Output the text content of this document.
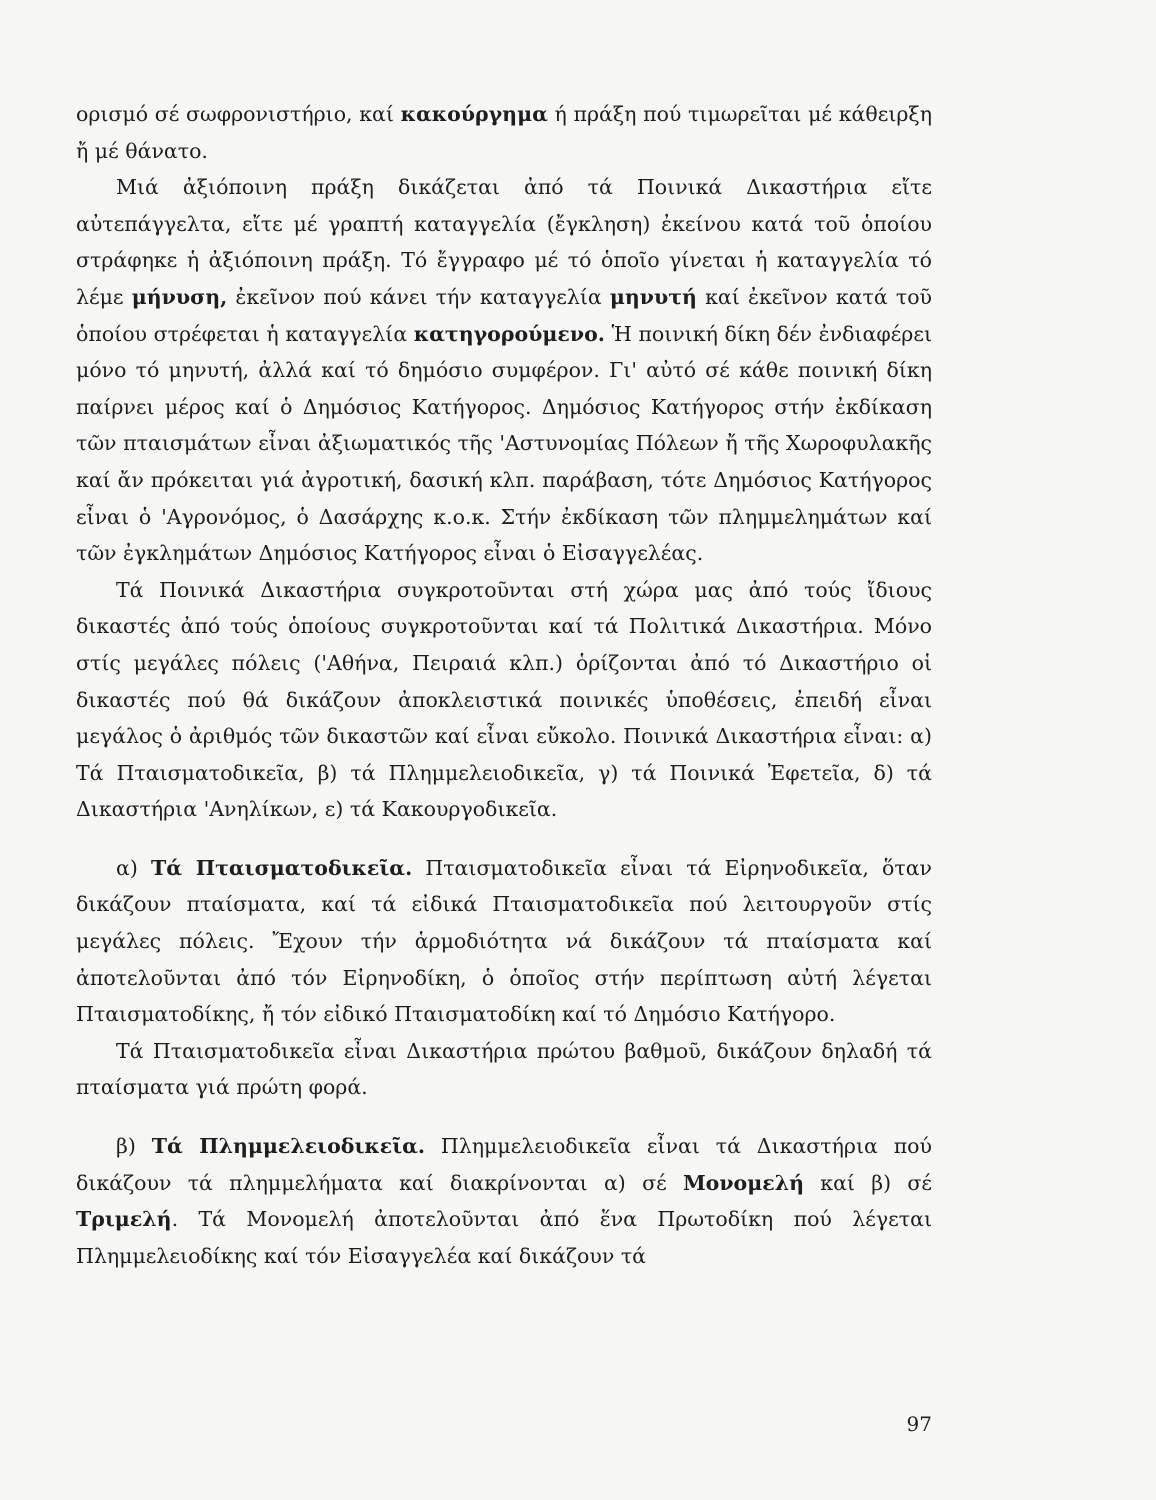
ορισμό σέ σωφρονιστήριο, καί κακούργημα ή πράξη πού τιμωρεῖται μέ κάθειρξη ἤ μέ θάνατο.

Μιά ἀξιόποινη πράξη δικάζεται ἀπό τά Ποινικά Δικαστήρια εἴτε αὐτεπάγγελτα, εἴτε μέ γραπτή καταγγελία (ἔγκληση) ἐκείνου κατά τοῦ ὁποίου στράφηκε ἡ ἀξιόποινη πράξη. Τό ἔγγραφο μέ τό ὁποῖο γίνεται ἡ καταγγελία τό λέμε μήνυση, ἐκεῖνον πού κάνει τήν καταγγελία μηνυτή καί ἐκεῖνον κατά τοῦ ὁποίου στρέφεται ἡ καταγγελία κατηγορούμενο. Ἡ ποινική δίκη δέν ἐνδιαφέρει μόνο τό μηνυτή, ἀλλά καί τό δημόσιο συμφέρον. Γι' αὐτό σέ κάθε ποινική δίκη παίρνει μέρος καί ὁ Δημόσιος Κατήγορος. Δημόσιος Κατήγορος στήν ἐκδίκαση τῶν πταισμάτων εἶναι ἀξιωματικός τῆς 'Αστυνομίας Πόλεων ἤ τῆς Χωροφυλακῆς καί ἄν πρόκειται γιά ἀγροτική, δασική κλπ. παράβαση, τότε Δημόσιος Κατήγορος εἶναι ὁ 'Αγρονόμος, ὁ Δασάρχης κ.ο.κ. Στήν ἐκδίκαση τῶν πλημμελημάτων καί τῶν ἐγκλημάτων Δημόσιος Κατήγορος εἶναι ὁ Εἰσαγγελέας.

Τά Ποινικά Δικαστήρια συγκροτοῦνται στή χώρα μας ἀπό τούς ἴδιους δικαστές ἀπό τούς ὁποίους συγκροτοῦνται καί τά Πολιτικά Δικαστήρια. Μόνο στίς μεγάλες πόλεις ('Αθήνα, Πειραιά κλπ.) ὁρίζονται ἀπό τό Δικαστήριο οἱ δικαστές πού θά δικάζουν ἀποκλειστικά ποινικές ὑποθέσεις, ἐπειδή εἶναι μεγάλος ὁ ἀριθμός τῶν δικαστῶν καί εἶναι εὔκολο. Ποινικά Δικαστήρια εἶναι: α) Τά Πταισματοδικεῖα, β) τά Πλημμελειοδικεῖα, γ) τά Ποινικά Ἐφετεῖα, δ) τά Δικαστήρια 'Ανηλίκων, ε) τά Κακουργοδικεῖα.

α) Τά Πταισματοδικεῖα. Πταισματοδικεῖα εἶναι τά Εἰρηνοδικεῖα, ὅταν δικάζουν πταίσματα, καί τά εἰδικά Πταισματοδικεῖα πού λειτουργοῦν στίς μεγάλες πόλεις. Ἔχουν τήν ἁρμοδιότητα νά δικάζουν τά πταίσματα καί ἀποτελοῦνται ἀπό τόν Εἰρηνοδίκη, ὁ ὁποῖος στήν περίπτωση αὐτή λέγεται Πταισματοδίκης, ἤ τόν εἰδικό Πταισματοδίκη καί τό Δημόσιο Κατήγορο.

Τά Πταισματοδικεῖα εἶναι Δικαστήρια πρώτου βαθμοῦ, δικάζουν δηλαδή τά πταίσματα γιά πρώτη φορά.

β) Τά Πλημμελειοδικεῖα. Πλημμελειοδικεῖα εἶναι τά Δικαστήρια πού δικάζουν τά πλημμελήματα καί διακρίνονται α) σέ Μονομελή καί β) σέ Τριμελή. Τά Μονομελή ἀποτελοῦνται ἀπό ἕνα Πρωτοδίκη πού λέγεται Πλημμελειοδίκης καί τόν Εἰσαγγελέα καί δικάζουν τά

97
